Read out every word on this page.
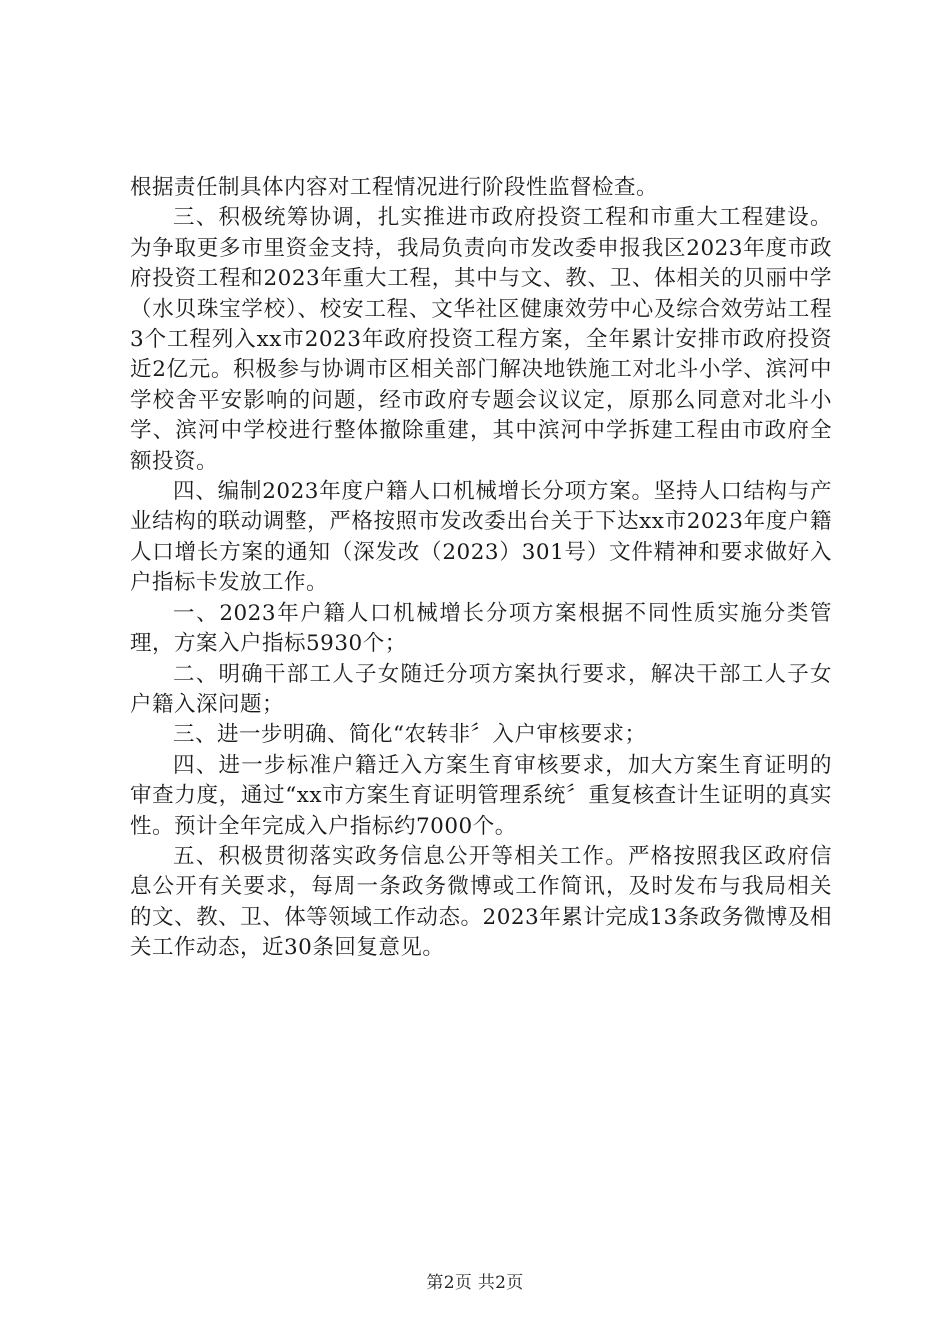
根据责任制具体内容对工程情况进行阶段性监督检查。

三、积极统筹协调，扎实推进市政府投资工程和市重大工程建设。为争取更多市里资金支持，我局负责向市发改委申报我区2023年度市政府投资工程和2023年重大工程，其中与文、教、卫、体相关的贝丽中学（水贝珠宝学校）、校安工程、文华社区健康效劳中心及综合效劳站工程3个工程列入xx市2023年政府投资工程方案，全年累计安排市政府投资近2亿元。积极参与协调市区相关部门解决地铁施工对北斗小学、滨河中学校舍平安影响的问题，经市政府专题会议议定，原那么同意对北斗小学、滨河中学校进行整体撤除重建，其中滨河中学拆建工程由市政府全额投资。

四、编制2023年度户籍人口机械增长分项方案。坚持人口结构与产业结构的联动调整，严格按照市发改委出台关于下达xx市2023年度户籍人口增长方案的通知（深发改（2023）301号）文件精神和要求做好入户指标卡发放工作。

一、2023年户籍人口机械增长分项方案根据不同性质实施分类管理，方案入户指标5930个；

二、明确干部工人子女随迁分项方案执行要求，解决干部工人子女户籍入深问题；

三、进一步明确、简化“农转非〞入户审核要求；

四、进一步标准户籍迁入方案生育审核要求，加大方案生育证明的审查力度，通过“xx市方案生育证明管理系统〞重复核查计生证明的真实性。预计全年完成入户指标约7000个。

五、积极贯彻落实政务信息公开等相关工作。严格按照我区政府信息公开有关要求，每周一条政务微博或工作简讯，及时发布与我局相关的文、教、卫、体等领域工作动态。2023年累计完成13条政务微博及相关工作动态，近30条回复意见。

第2页 共2页
